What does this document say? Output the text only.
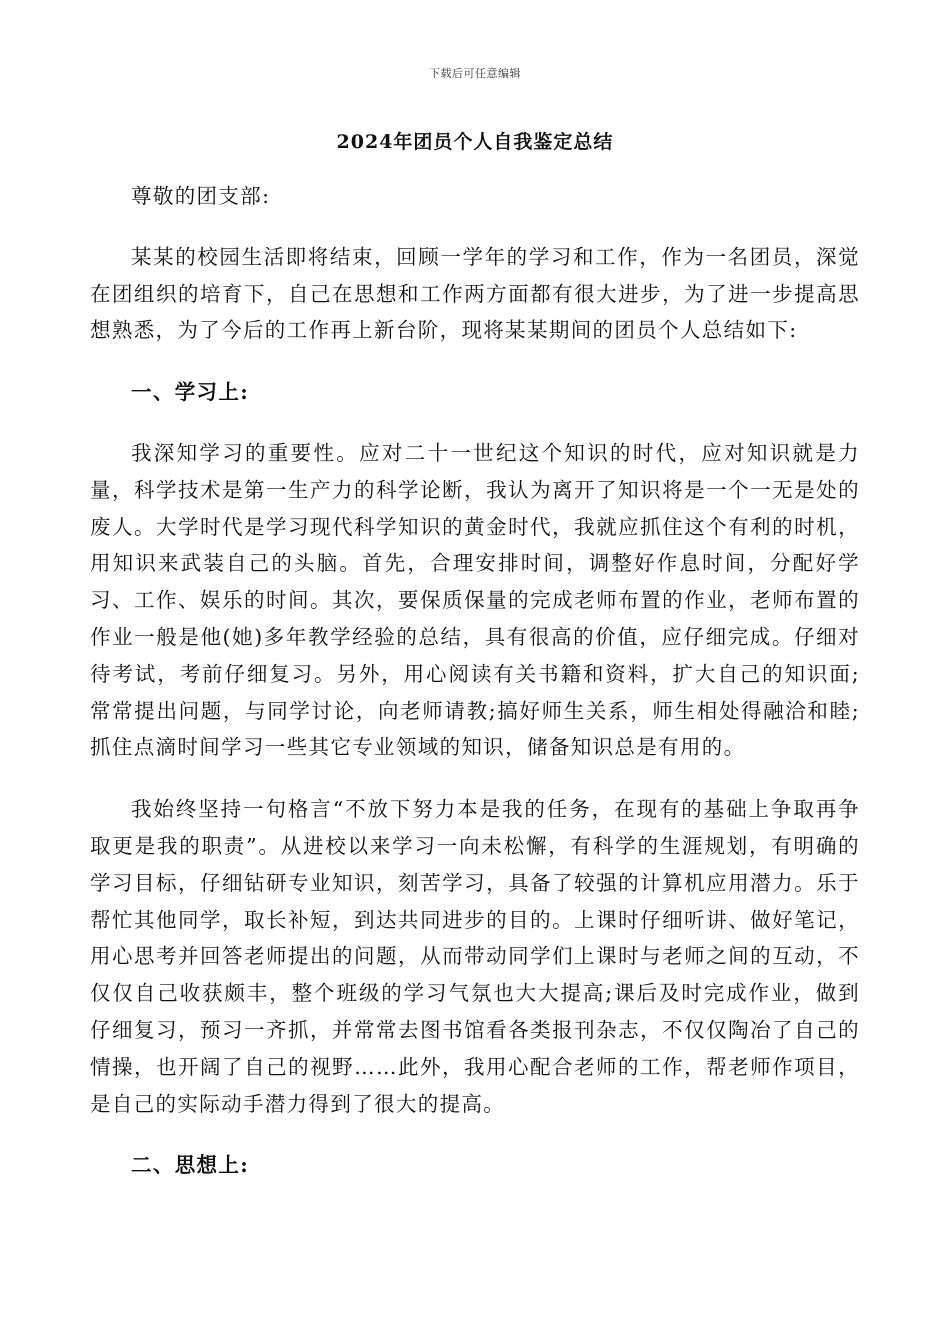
下载后可任意编辑
2024年团员个人自我鉴定总结

尊敬的团支部:

某某的校园生活即将结束，回顾一学年的学习和工作，作为一名团员，深觉在团组织的培育下，自己在思想和工作两方面都有很大进步，为了进一步提高思想熟悉，为了今后的工作再上新台阶，现将某某期间的团员个人总结如下:

一、学习上:

我深知学习的重要性。应对二十一世纪这个知识的时代，应对知识就是力量，科学技术是第一生产力的科学论断，我认为离开了知识将是一个一无是处的废人。大学时代是学习现代科学知识的黄金时代，我就应抓住这个有利的时机，用知识来武装自己的头脑。首先，合理安排时间，调整好作息时间，分配好学习、工作、娱乐的时间。其次，要保质保量的完成老师布置的作业，老师布置的作业一般是他(她)多年教学经验的总结，具有很高的价值，应仔细完成。仔细对待考试，考前仔细复习。另外，用心阅读有关书籍和资料，扩大自己的知识面;常常提出问题，与同学讨论，向老师请教;搞好师生关系，师生相处得融洽和睦;抓住点滴时间学习一些其它专业领域的知识，储备知识总是有用的。

我始终坚持一句格言“不放下努力本是我的任务，在现有的基础上争取再争取更是我的职责”。从进校以来学习一向未松懈，有科学的生涯规划，有明确的学习目标，仔细钻研专业知识，刻苦学习，具备了较强的计算机应用潜力。乐于帮忙其他同学，取长补短，到达共同进步的目的。上课时仔细听讲、做好笔记，用心思考并回答老师提出的问题，从而带动同学们上课时与老师之间的互动，不仅仅自己收获颇丰，整个班级的学习气氛也大大提高;课后及时完成作业，做到仔细复习，预习一齐抓，并常常去图书馆看各类报刊杂志，不仅仅陶冶了自己的情操，也开阔了自己的视野……此外，我用心配合老师的工作，帮老师作项目，是自己的实际动手潜力得到了很大的提高。

二、思想上:
